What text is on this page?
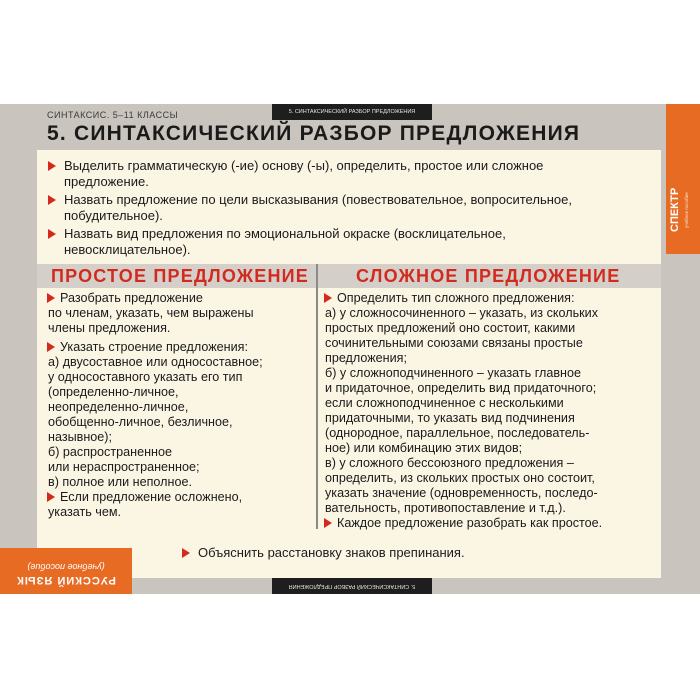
5. СИНТАКСИЧЕСКИЙ РАЗБОР ПРЕДЛОЖЕНИЯ
СИНТАКСИС. 5–11 КЛАССЫ
5. СИНТАКСИЧЕСКИЙ РАЗБОР ПРЕДЛОЖЕНИЯ
СПЕКТР учебное пособие
Выделить грамматическую (-ие) основу (-ы), определить, простое или сложное
предложение.
Назвать предложение по цели высказывания (повествовательное, вопросительное,
побудительное).
Назвать вид предложения по эмоциональной окраске (восклицательное,
невосклицательное).
ПРОСТОЕ ПРЕДЛОЖЕНИЕ	СЛОЖНОЕ ПРЕДЛОЖЕНИЕ
Разобрать предложение
по членам, указать, чем выражены
члены предложения.
Указать строение предложения:
а) двусоставное или односоставное;
у односоставного указать его тип
(определенно-личное,
неопределенно-личное,
обобщенно-личное, безличное,
назывное);
б) распространенное
или нераспространенное;
в) полное или неполное.
Если предложение осложнено,
указать чем.
Определить тип сложного предложения:
а) у сложносочиненного – указать, из скольких
простых предложений оно состоит, какими
сочинительными союзами связаны простые
предложения;
б) у сложноподчиненного – указать главное
и придаточное, определить вид придаточного;
если сложноподчиненное с несколькими
придаточными, то указать вид подчинения
(однородное, параллельное, последователь-
ное) или комбинацию этих видов;
в) у сложного бессоюзного предложения –
определить, из скольких простых оно состоит,
указать значение (одновременность, последо-
вательность, противопоставление и т.д.).
Каждое предложение разобрать как простое.
Объяснить расстановку знаков препинания.
5. СИНТАКСИЧЕСКИЙ РАЗБОР ПРЕДЛОЖЕНИЯ
РУССКИЙ ЯЗЫК
(учебное пособие)
